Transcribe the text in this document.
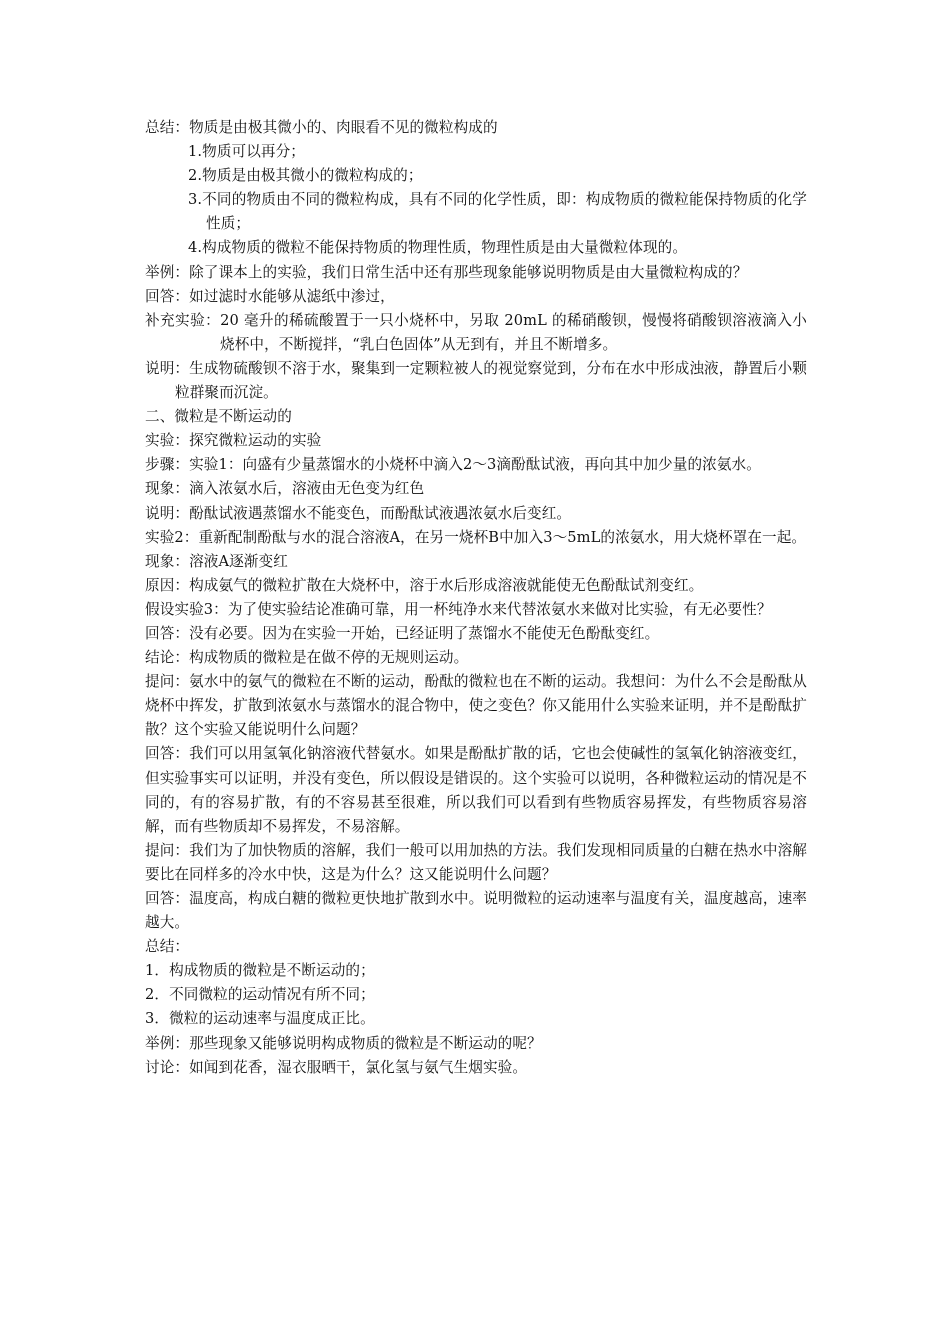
总结：物质是由极其微小的、肉眼看不见的微粒构成的

1.物质可以再分；

2.物质是由极其微小的微粒构成的；

3.不同的物质由不同的微粒构成，具有不同的化学性质，即：构成物质的微粒能保持物质的化学性质；

4.构成物质的微粒不能保持物质的物理性质，物理性质是由大量微粒体现的。

举例：除了课本上的实验，我们日常生活中还有那些现象能够说明物质是由大量微粒构成的？

回答：如过滤时水能够从滤纸中渗过，

补充实验：20 毫升的稀硫酸置于一只小烧杯中，另取 20mL 的稀硝酸钡，慢慢将硝酸钡溶液滴入小烧杯中，不断搅拌，“乳白色固体”从无到有，并且不断增多。

说明：生成物硫酸钡不溶于水，聚集到一定颗粒被人的视觉察觉到，分布在水中形成浊液，静置后小颗粒群聚而沉淀。

二、微粒是不断运动的

实验：探究微粒运动的实验

步骤：实验1：向盛有少量蒸馏水的小烧杯中滴入2～3滴酚酞试液，再向其中加少量的浓氨水。

现象：滴入浓氨水后，溶液由无色变为红色

说明：酚酞试液遇蒸馏水不能变色，而酚酞试液遇浓氨水后变红。

实验2：重新配制酚酞与水的混合溶液A，在另一烧杯B中加入3～5mL的浓氨水，用大烧杯罩在一起。

现象：溶液A逐渐变红

原因：构成氨气的微粒扩散在大烧杯中，溶于水后形成溶液就能使无色酚酞试剂变红。

假设实验3：为了使实验结论准确可靠，用一杯纯净水来代替浓氨水来做对比实验，有无必要性？

回答：没有必要。因为在实验一开始，已经证明了蒸馏水不能使无色酚酞变红。

结论：构成物质的微粒是在做不停的无规则运动。

提问：氨水中的氨气的微粒在不断的运动，酚酞的微粒也在不断的运动。我想问：为什么不会是酚酞从烧杯中挥发，扩散到浓氨水与蒸馏水的混合物中，使之变色？你又能用什么实验来证明，并不是酚酞扩散？这个实验又能说明什么问题？

回答：我们可以用氢氧化钠溶液代替氨水。如果是酚酞扩散的话，它也会使碱性的氢氧化钠溶液变红，但实验事实可以证明，并没有变色，所以假设是错误的。这个实验可以说明，各种微粒运动的情况是不同的，有的容易扩散，有的不容易甚至很难，所以我们可以看到有些物质容易挥发，有些物质容易溶解，而有些物质却不易挥发，不易溶解。

提问：我们为了加快物质的溶解，我们一般可以用加热的方法。我们发现相同质量的白糖在热水中溶解要比在同样多的冷水中快，这是为什么？这又能说明什么问题？

回答：温度高，构成白糖的微粒更快地扩散到水中。说明微粒的运动速率与温度有关，温度越高，速率越大。

总结：

1．构成物质的微粒是不断运动的；

2．不同微粒的运动情况有所不同；

3．微粒的运动速率与温度成正比。

举例：那些现象又能够说明构成物质的微粒是不断运动的呢？

讨论：如闻到花香，湿衣服晒干，氯化氢与氨气生烟实验。
